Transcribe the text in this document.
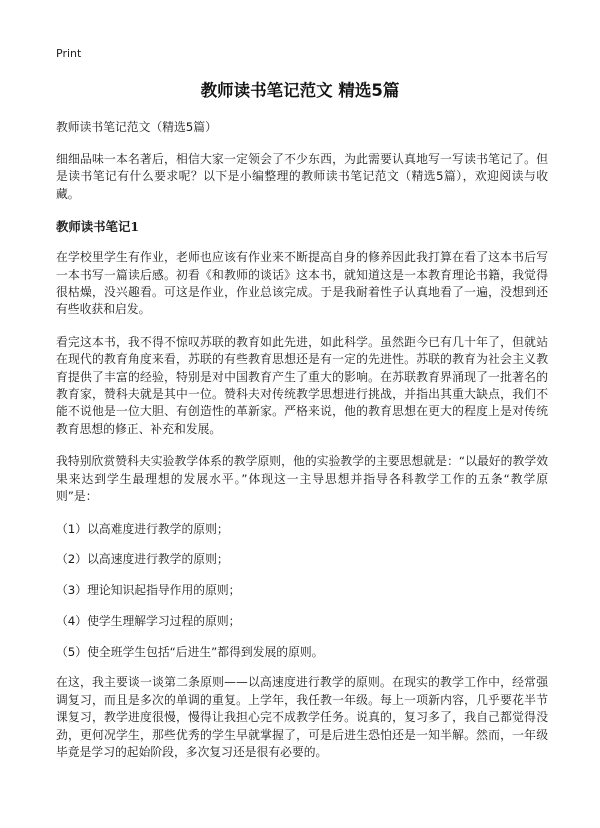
Print
教师读书笔记范文 精选5篇
教师读书笔记范文（精选5篇）

细细品味一本名著后，相信大家一定领会了不少东西，为此需要认真地写一写读书笔记了。但是读书笔记有什么要求呢？以下是小编整理的教师读书笔记范文（精选5篇），欢迎阅读与收藏。

教师读书笔记1

在学校里学生有作业，老师也应该有作业来不断提高自身的修养因此我打算在看了这本书后写一本书写一篇读后感。初看《和教师的谈话》这本书，就知道这是一本教育理论书籍，我觉得很枯燥，没兴趣看。可这是作业，作业总该完成。于是我耐着性子认真地看了一遍，没想到还有些收获和启发。

看完这本书，我不得不惊叹苏联的教育如此先进，如此科学。虽然距今已有几十年了，但就站在现代的教育角度来看，苏联的有些教育思想还是有一定的先进性。苏联的教育为社会主义教育提供了丰富的经验，特别是对中国教育产生了重大的影响。在苏联教育界涌现了一批著名的教育家，赞科夫就是其中一位。赞科夫对传统教学思想进行挑战，并指出其重大缺点，我们不能不说他是一位大胆、有创造性的革新家。严格来说，他的教育思想在更大的程度上是对传统教育思想的修正、补充和发展。

我特别欣赏赞科夫实验教学体系的教学原则，他的实验教学的主要思想就是：“以最好的教学效果来达到学生最理想的发展水平。”体现这一主导思想并指导各科教学工作的五条“教学原则”是：

（1）以高难度进行教学的原则；
（2）以高速度进行教学的原则；
（3）理论知识起指导作用的原则；
（4）使学生理解学习过程的原则；
（5）使全班学生包括“后进生”都得到发展的原则。

在这，我主要谈一谈第二条原则——以高速度进行教学的原则。在现实的教学工作中，经常强调复习，而且是多次的单调的重复。上学年，我任教一年级。每上一项新内容，几乎要花半节课复习，教学进度很慢，慢得让我担心完不成教学任务。说真的，复习多了，我自己都觉得没劲，更何况学生，那些优秀的学生早就掌握了，可是后进生恐怕还是一知半解。然而，一年级毕竟是学习的起始阶段，多次复习还是很有必要的。
